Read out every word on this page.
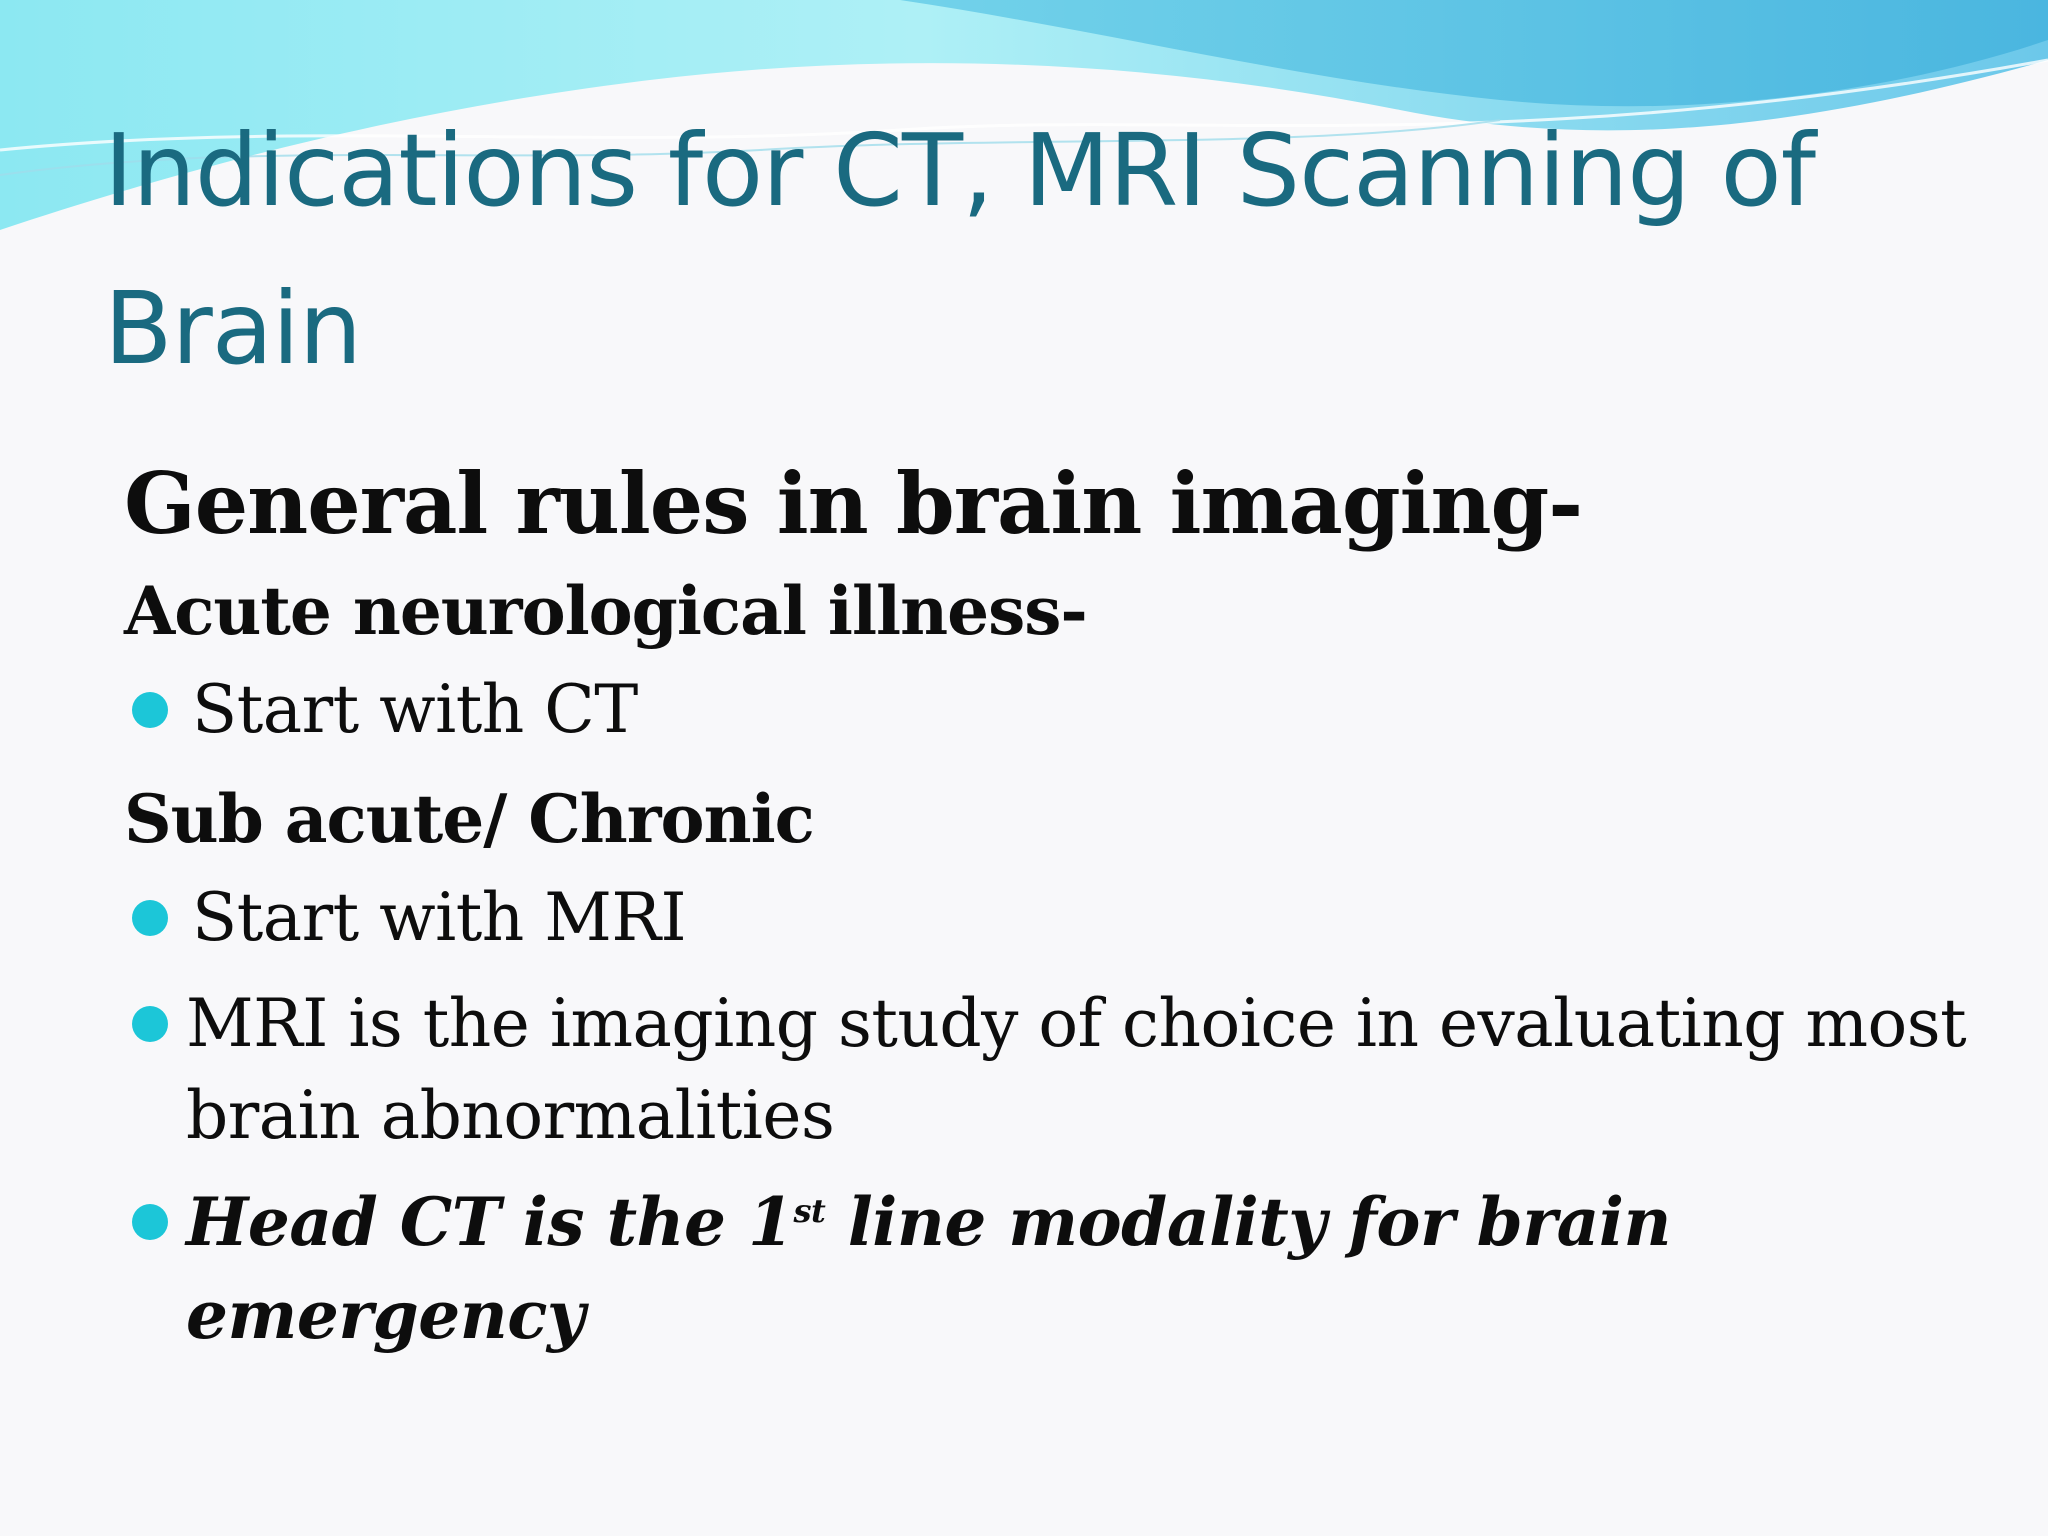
Indications for CT, MRI Scanning of Brain
General rules in brain imaging-
Acute neurological illness-
Start with CT
Sub acute/ Chronic
Start with MRI
MRI is the imaging study of choice in evaluating most brain abnormalities
Head CT is the 1st line modality for brain emergency
